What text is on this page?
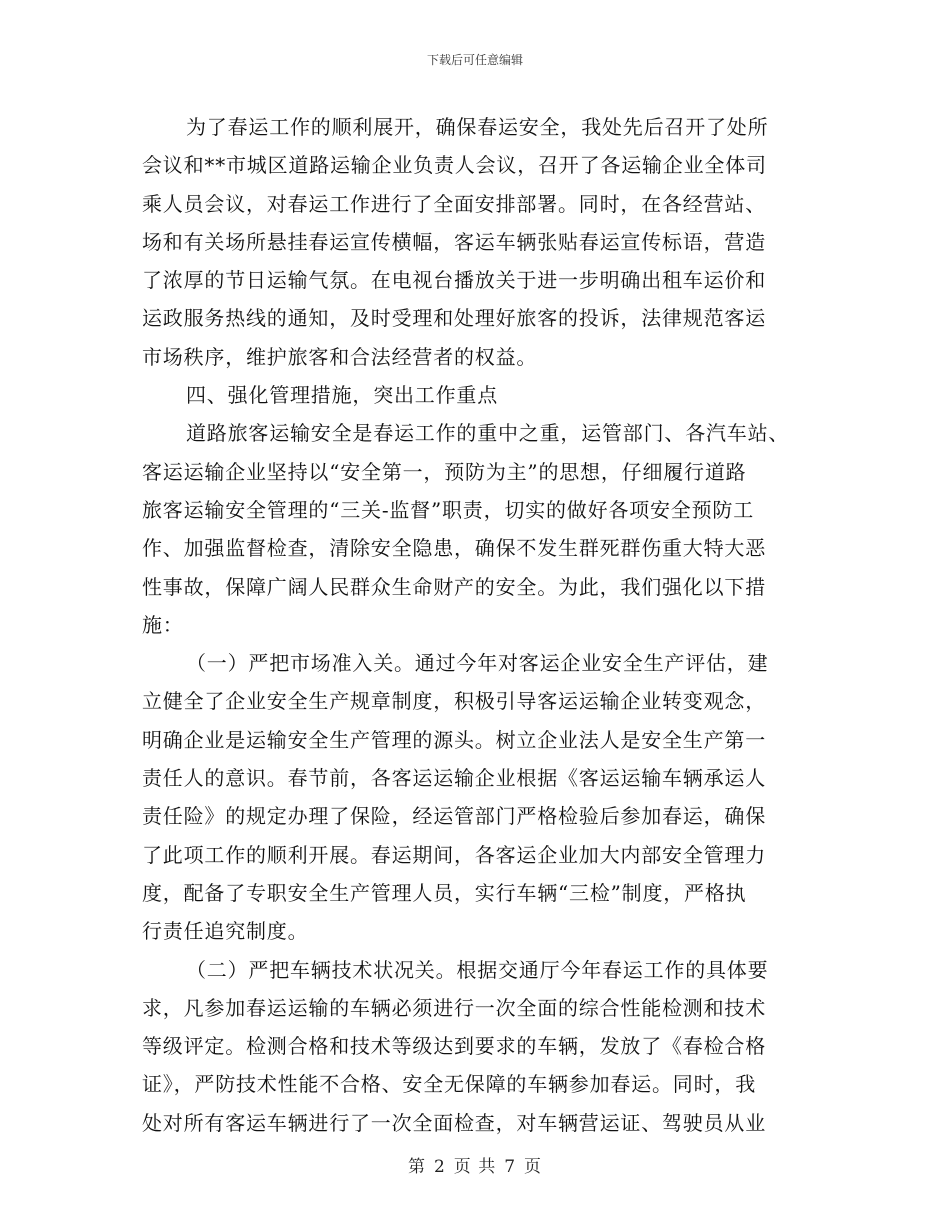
下载后可任意编辑
为了春运工作的顺利展开，确保春运安全，我处先后召开了处所
会议和**市城区道路运输企业负责人会议，召开了各运输企业全体司
乘人员会议，对春运工作进行了全面安排部署。同时，在各经营站、
场和有关场所悬挂春运宣传横幅，客运车辆张贴春运宣传标语，营造
了浓厚的节日运输气氛。在电视台播放关于进一步明确出租车运价和
运政服务热线的通知，及时受理和处理好旅客的投诉，法律规范客运
市场秩序，维护旅客和合法经营者的权益。
四、强化管理措施，突出工作重点
道路旅客运输安全是春运工作的重中之重，运管部门、各汽车站、
客运运输企业坚持以“安全第一，预防为主”的思想，仔细履行道路
旅客运输安全管理的“三关-监督”职责，切实的做好各项安全预防工
作、加强监督检查，清除安全隐患，确保不发生群死群伤重大特大恶
性事故，保障广阔人民群众生命财产的安全。为此，我们强化以下措
施：
（一）严把市场准入关。通过今年对客运企业安全生产评估，建
立健全了企业安全生产规章制度，积极引导客运运输企业转变观念，
明确企业是运输安全生产管理的源头。树立企业法人是安全生产第一
责任人的意识。春节前，各客运运输企业根据《客运运输车辆承运人
责任险》的规定办理了保险，经运管部门严格检验后参加春运，确保
了此项工作的顺利开展。春运期间，各客运企业加大内部安全管理力
度，配备了专职安全生产管理人员，实行车辆“三检”制度，严格执
行责任追究制度。
（二）严把车辆技术状况关。根据交通厅今年春运工作的具体要
求，凡参加春运运输的车辆必须进行一次全面的综合性能检测和技术
等级评定。检测合格和技术等级达到要求的车辆，发放了《春检合格
证》，严防技术性能不合格、安全无保障的车辆参加春运。同时，我
处对所有客运车辆进行了一次全面检查，对车辆营运证、驾驶员从业
第 2 页 共 7 页
